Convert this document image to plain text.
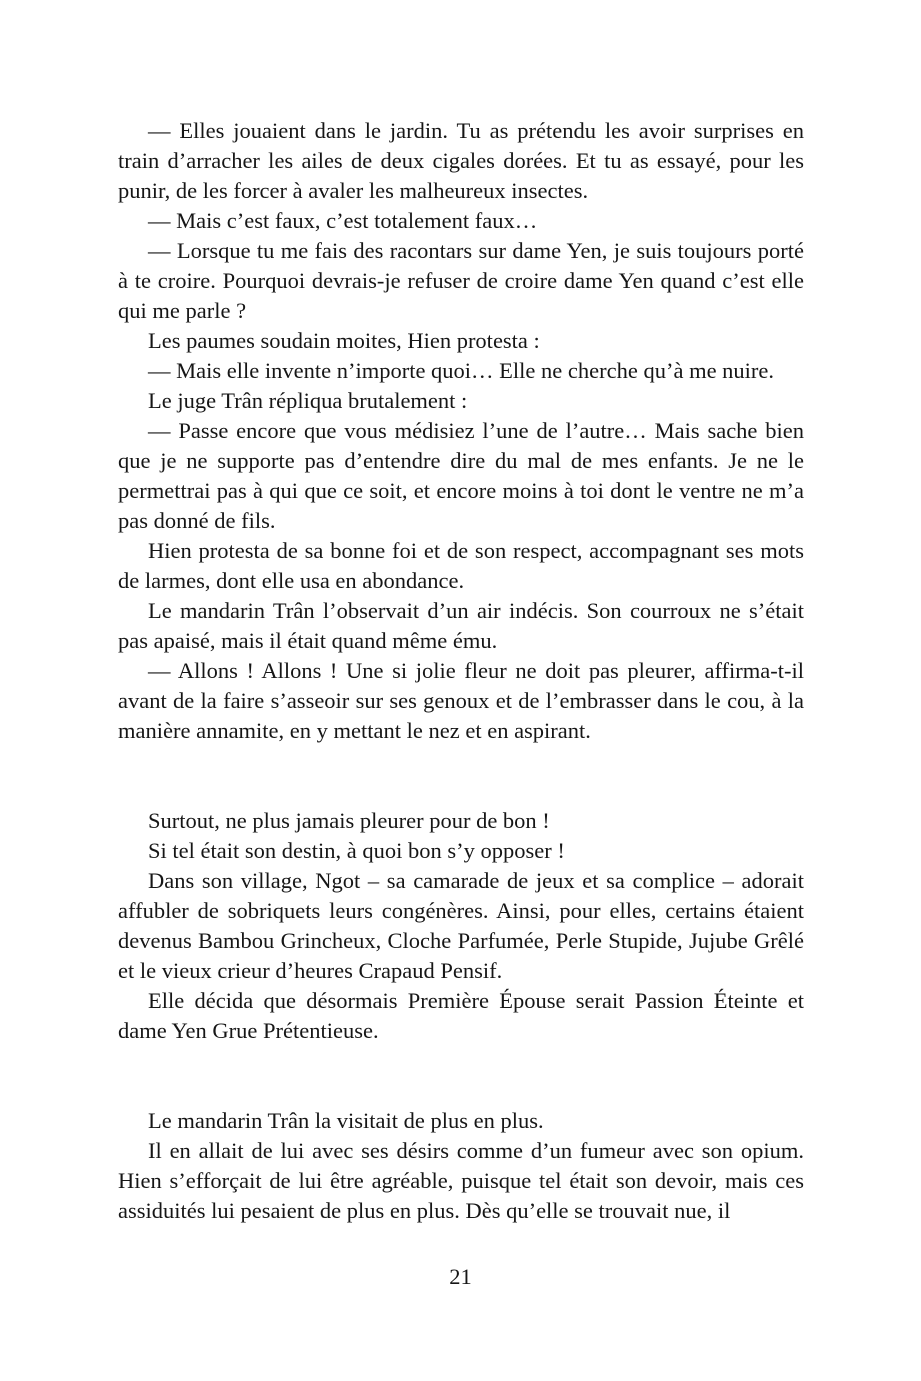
— Elles jouaient dans le jardin. Tu as prétendu les avoir surprises en train d’arracher les ailes de deux cigales dorées. Et tu as essayé, pour les punir, de les forcer à avaler les malheureux insectes.

— Mais c’est faux, c’est totalement faux…

— Lorsque tu me fais des racontars sur dame Yen, je suis toujours porté à te croire. Pourquoi devrais-je refuser de croire dame Yen quand c’est elle qui me parle ?

Les paumes soudain moites, Hien protesta :

— Mais elle invente n’importe quoi… Elle ne cherche qu’à me nuire.

Le juge Trân répliqua brutalement :

— Passe encore que vous médisiez l’une de l’autre… Mais sache bien que je ne supporte pas d’entendre dire du mal de mes enfants. Je ne le permettrai pas à qui que ce soit, et encore moins à toi dont le ventre ne m’a pas donné de fils.

Hien protesta de sa bonne foi et de son respect, accompagnant ses mots de larmes, dont elle usa en abondance.

Le mandarin Trân l’observait d’un air indécis. Son courroux ne s’était pas apaisé, mais il était quand même ému.

— Allons ! Allons ! Une si jolie fleur ne doit pas pleurer, affirma-t-il avant de la faire s’asseoir sur ses genoux et de l’embrasser dans le cou, à la manière annamite, en y mettant le nez et en aspirant.

Surtout, ne plus jamais pleurer pour de bon !

Si tel était son destin, à quoi bon s’y opposer !

Dans son village, Ngot – sa camarade de jeux et sa complice – adorait affubler de sobriquets leurs congénères. Ainsi, pour elles, certains étaient devenus Bambou Grincheux, Cloche Parfumée, Perle Stupide, Jujube Grêlé et le vieux crieur d’heures Crapaud Pensif.

Elle décida que désormais Première Épouse serait Passion Éteinte et dame Yen Grue Prétentieuse.

Le mandarin Trân la visitait de plus en plus.

Il en allait de lui avec ses désirs comme d’un fumeur avec son opium. Hien s’efforçait de lui être agréable, puisque tel était son devoir, mais ces assiduités lui pesaient de plus en plus. Dès qu’elle se trouvait nue, il

21
